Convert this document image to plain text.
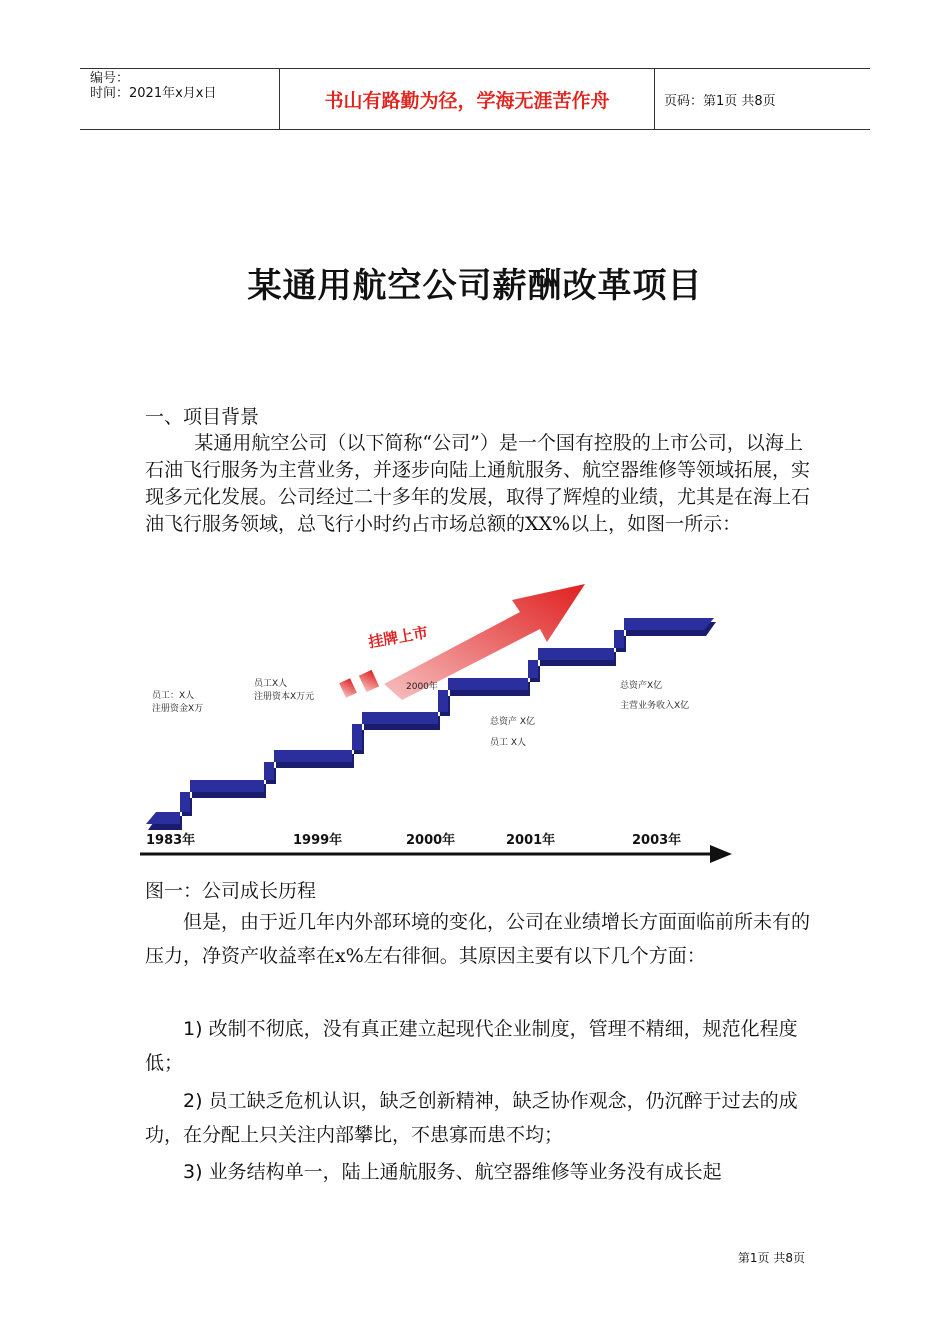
编号：
时间：2021年x月x日	书山有路勤为径，学海无涯苦作舟	页码：第1页 共8页
某通用航空公司薪酬改革项目
一、项目背景
某通用航空公司（以下简称“公司”）是一个国有控股的上市公司，以海上石油飞行服务为主营业务，并逐步向陆上通航服务、航空器维修等领域拓展，实现多元化发展。公司经过二十多年的发展，取得了辉煌的业绩，尤其是在海上石油飞行服务领域，总飞行小时约占市场总额的XX%以上，如图一所示：
挂牌上市
员工：X人
注册资金X万
员工X人
注册资本X万元
2000年
总资产 X亿
员工 X人
总资产X亿
主营业务收入X亿
1983年	1999年	2000年	2001年	2003年
图一：公司成长历程
但是，由于近几年内外部环境的变化，公司在业绩增长方面面临前所未有的压力，净资产收益率在x%左右徘徊。其原因主要有以下几个方面：
1) 改制不彻底，没有真正建立起现代企业制度，管理不精细，规范化程度低；
2) 员工缺乏危机认识，缺乏创新精神，缺乏协作观念，仍沉醉于过去的成功，在分配上只关注内部攀比，不患寡而患不均；
3) 业务结构单一，陆上通航服务、航空器维修等业务没有成长起
第1页 共8页
